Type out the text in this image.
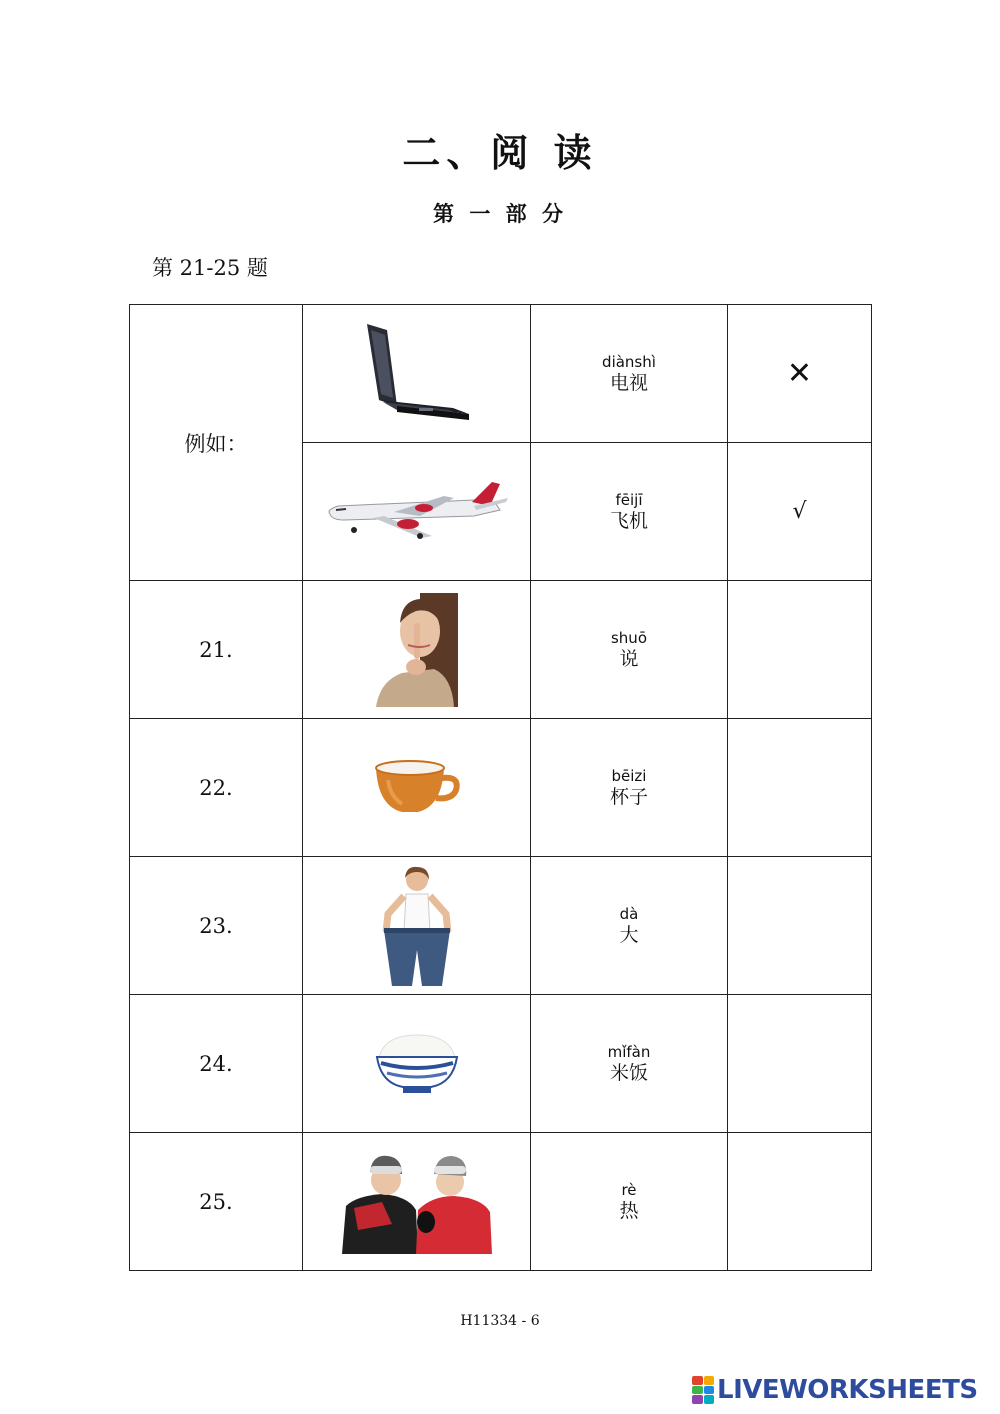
二、阅 读
第 一 部 分
第 21-25 题
例如：		diànshì
电视	✕

fēijī
飞机	√
21.		shuō
说	

22.		bēizi
杯子	

23.		dà
大	

24.		mǐfàn
米饭	

25.		rè
热	

H11334 - 6
LIVEWORKSHEETS
